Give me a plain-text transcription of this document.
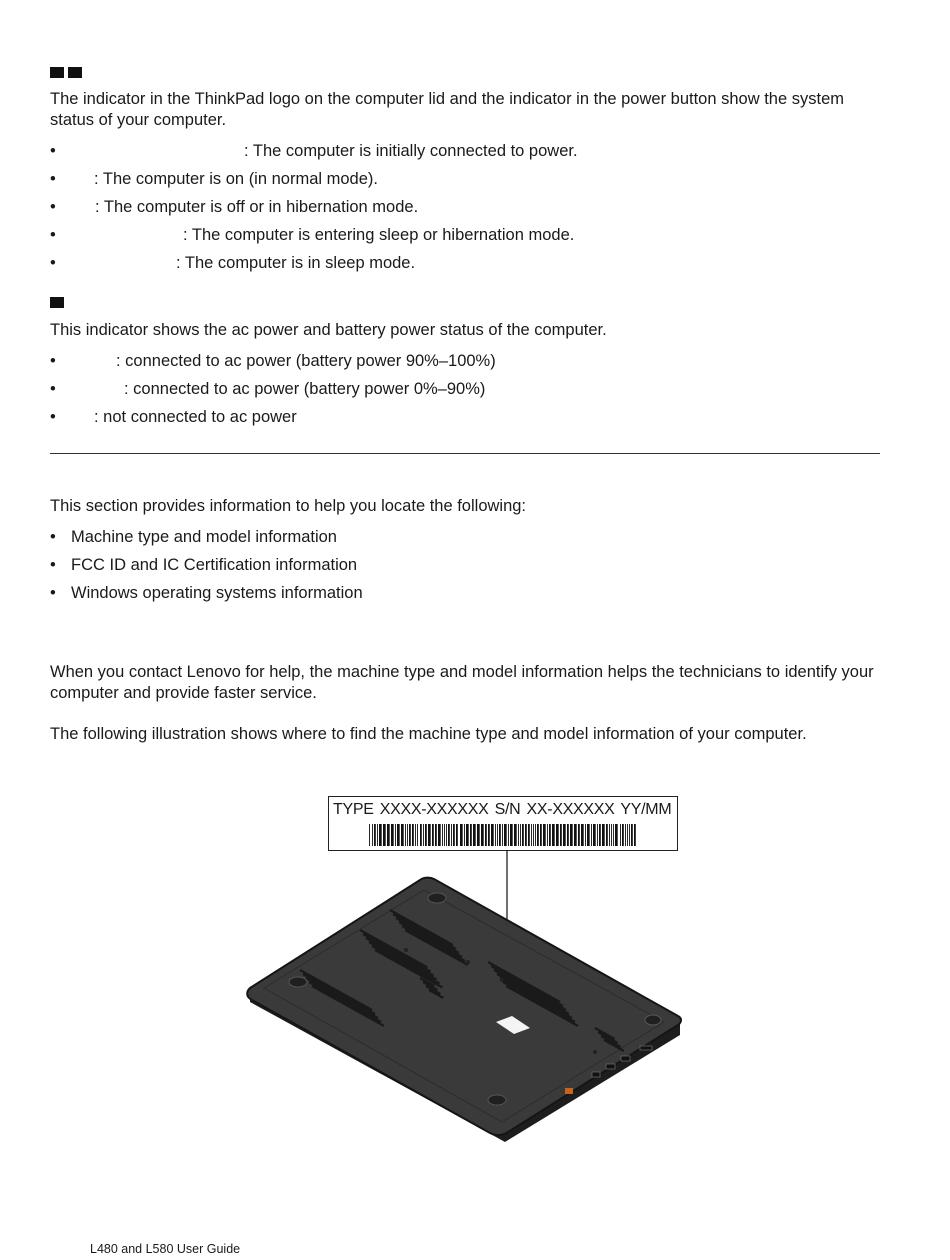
The indicator in the ThinkPad logo on the computer lid and the indicator in the power button show the system status of your computer.
•	: The computer is initially connected to power.
• : The computer is on (in normal mode).
• : The computer is off or in hibernation mode.
•	: The computer is entering sleep or hibernation mode.
•	: The computer is in sleep mode.
This indicator shows the ac power and battery power status of the computer.
•	: connected to ac power (battery power 90%–100%)
•	: connected to ac power (battery power 0%–90%)
• : not connected to ac power
This section provides information to help you locate the following:
• Machine type and model information
• FCC ID and IC Certification information
• Windows operating systems information
When you contact Lenovo for help, the machine type and model information helps the technicians to identify your computer and provide faster service.
The following illustration shows where to find the machine type and model information of your computer.
TYPE XXXX-XXXXXX S/N XX-XXXXXX YY/MM
L480 and L580 User Guide
